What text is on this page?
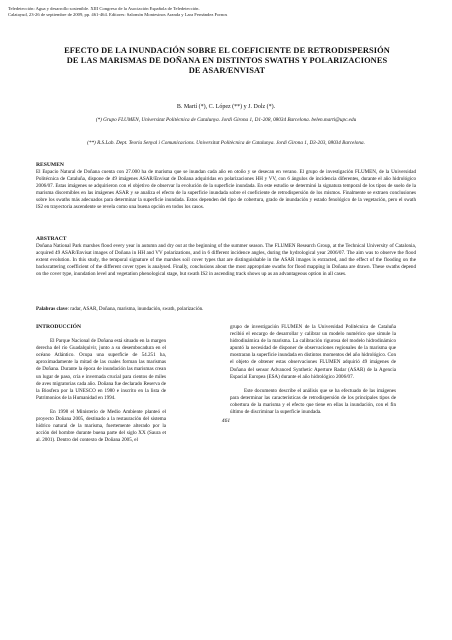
Teledetección: Agua y desarrollo sostenible. XIII Congreso de la Asociación Española de Teledetección.
Calatayud, 23-26 de septiembre de 2009, pp. 461-464. Editores: Salomón Montesinos Aranda y Lara Fernández Fornos
EFECTO DE LA INUNDACIÓN SOBRE EL COEFICIENTE DE RETRODISPERSIÓN DE LAS MARISMAS DE DOÑANA EN DISTINTOS SWATHS Y POLARIZACIONES DE ASAR/ENVISAT
B. Martí (*), C. López (**) y J. Dolz (*).
(*) Grupo FLUMEN, Universitat Politècnica de Catalunya. Jordi Girona 1, D1-208, 08034 Barcelona. belen.marti@upc.edu
(**) R.S.Lab. Dept. Teoria Senyal i Comunicacions. Universitat Politècnica de Catalunya. Jordi Girona 1, D3-203, 08034 Barcelona.
RESUMEN
El Espacio Natural de Doñana cuenta con 27.000 ha de marisma que se inundan cada año en otoño y se desecan en verano. El grupo de investigación FLUMEN, de la Universidad Politécnica de Cataluña, dispone de 49 imágenes ASAR/Envisat de Doñana adquiridas en polarizaciones HH y VV, con 6 ángulos de incidencia diferentes, durante el año hidrológico 2006/07. Estas imágenes se adquirieron con el objetivo de observar la evolución de la superficie inundada. En este estudio se determinó la signatura temporal de los tipos de suelo de la marisma discernibles en las imágenes ASAR y se analiza el efecto de la superficie inundada sobre el coeficiente de retrodispersión de los mismos. Finalmente se extraen conclusiones sobre los swaths más adecuados para determinar la superficie inundada. Estos dependen del tipo de cobertura, grado de inundación y estado fenológico de la vegetación, pero el swath IS2 en trayectoria ascendente se revela como una buena opción en todos los casos.
ABSTRACT
Doñana National Park marshes flood every year in autumn and dry out at the beginning of the summer season. The FLUMEN Research Group, at the Technical University of Catalonia, acquired 49 ASAR/Envisat images of Doñana in HH and VV polarizations, and in 6 different incidence angles, during the hydrological year 2006/07. The aim was to observe the flood extent evolution. In this study, the temporal signature of the marshes soil cover types that are distinguishable in the ASAR images is extracted, and the effect of the flooding on the backscattering coefficient of the different cover types is analysed. Finally, conclusions about the most appropriate swaths for flood mapping in Doñana are drawn. These swaths depend on the cover type, inundation level and vegetation phenological stage, but swath IS2 in ascending track shows up as an advantageous option in all cases.
Palabras clave: radar, ASAR, Doñana, marisma, inundación, swath, polarización.

INTRODUCCIÓN

El Parque Nacional de Doñana está situado en la margen derecha del río Guadalquivir, junto a su desembocadura en el océano Atlántico. Ocupa una superficie de 54.251 ha, aproximadamente la mitad de las cuales forman las marismas de Doñana. Durante la época de inundación las marismas crean un lugar de paso, cría e invernada crucial para cientos de miles de aves migratorias cada año. Doñana fue declarado Reserva de la Biosfera por la UNESCO en 1980 e inscrito en la lista de Patrimonios de la Humanidad en 1994.

En 1998 el Ministerio de Medio Ambiente planteó el proyecto Doñana 2005, destinado a la restauración del sistema hídrico natural de la marisma, fuertemente alterado por la acción del hombre durante buena parte del siglo XX (Saura et al. 2001). Dentro del contexto de Doñana 2005, el

grupo de investigación FLUMEN de la Universidad Politécnica de Cataluña recibió el encargo de desarrollar y calibrar un modelo numérico que simule la hidrodinámica de la marisma. La calibración rigurosa del modelo hidrodinámico apuntó la necesidad de disponer de observaciones regionales de la marisma que mostraran la superficie inundada en distintos momentos del año hidrológico. Con el objeto de obtener estas observaciones FLUMEN adquirió 49 imágenes de Doñana del sensor Advanced Synthetic Aperture Radar (ASAR) de la Agencia Espacial Europea (ESA) durante el año hidrológico 2006/07.

Este documento describe el análisis que se ha efectuado de las imágenes para determinar las características de retrodispersión de los principales tipos de cobertura de la marisma y el efecto que tiene en ellas la inundación, con el fin último de discriminar la superficie inundada.

461
